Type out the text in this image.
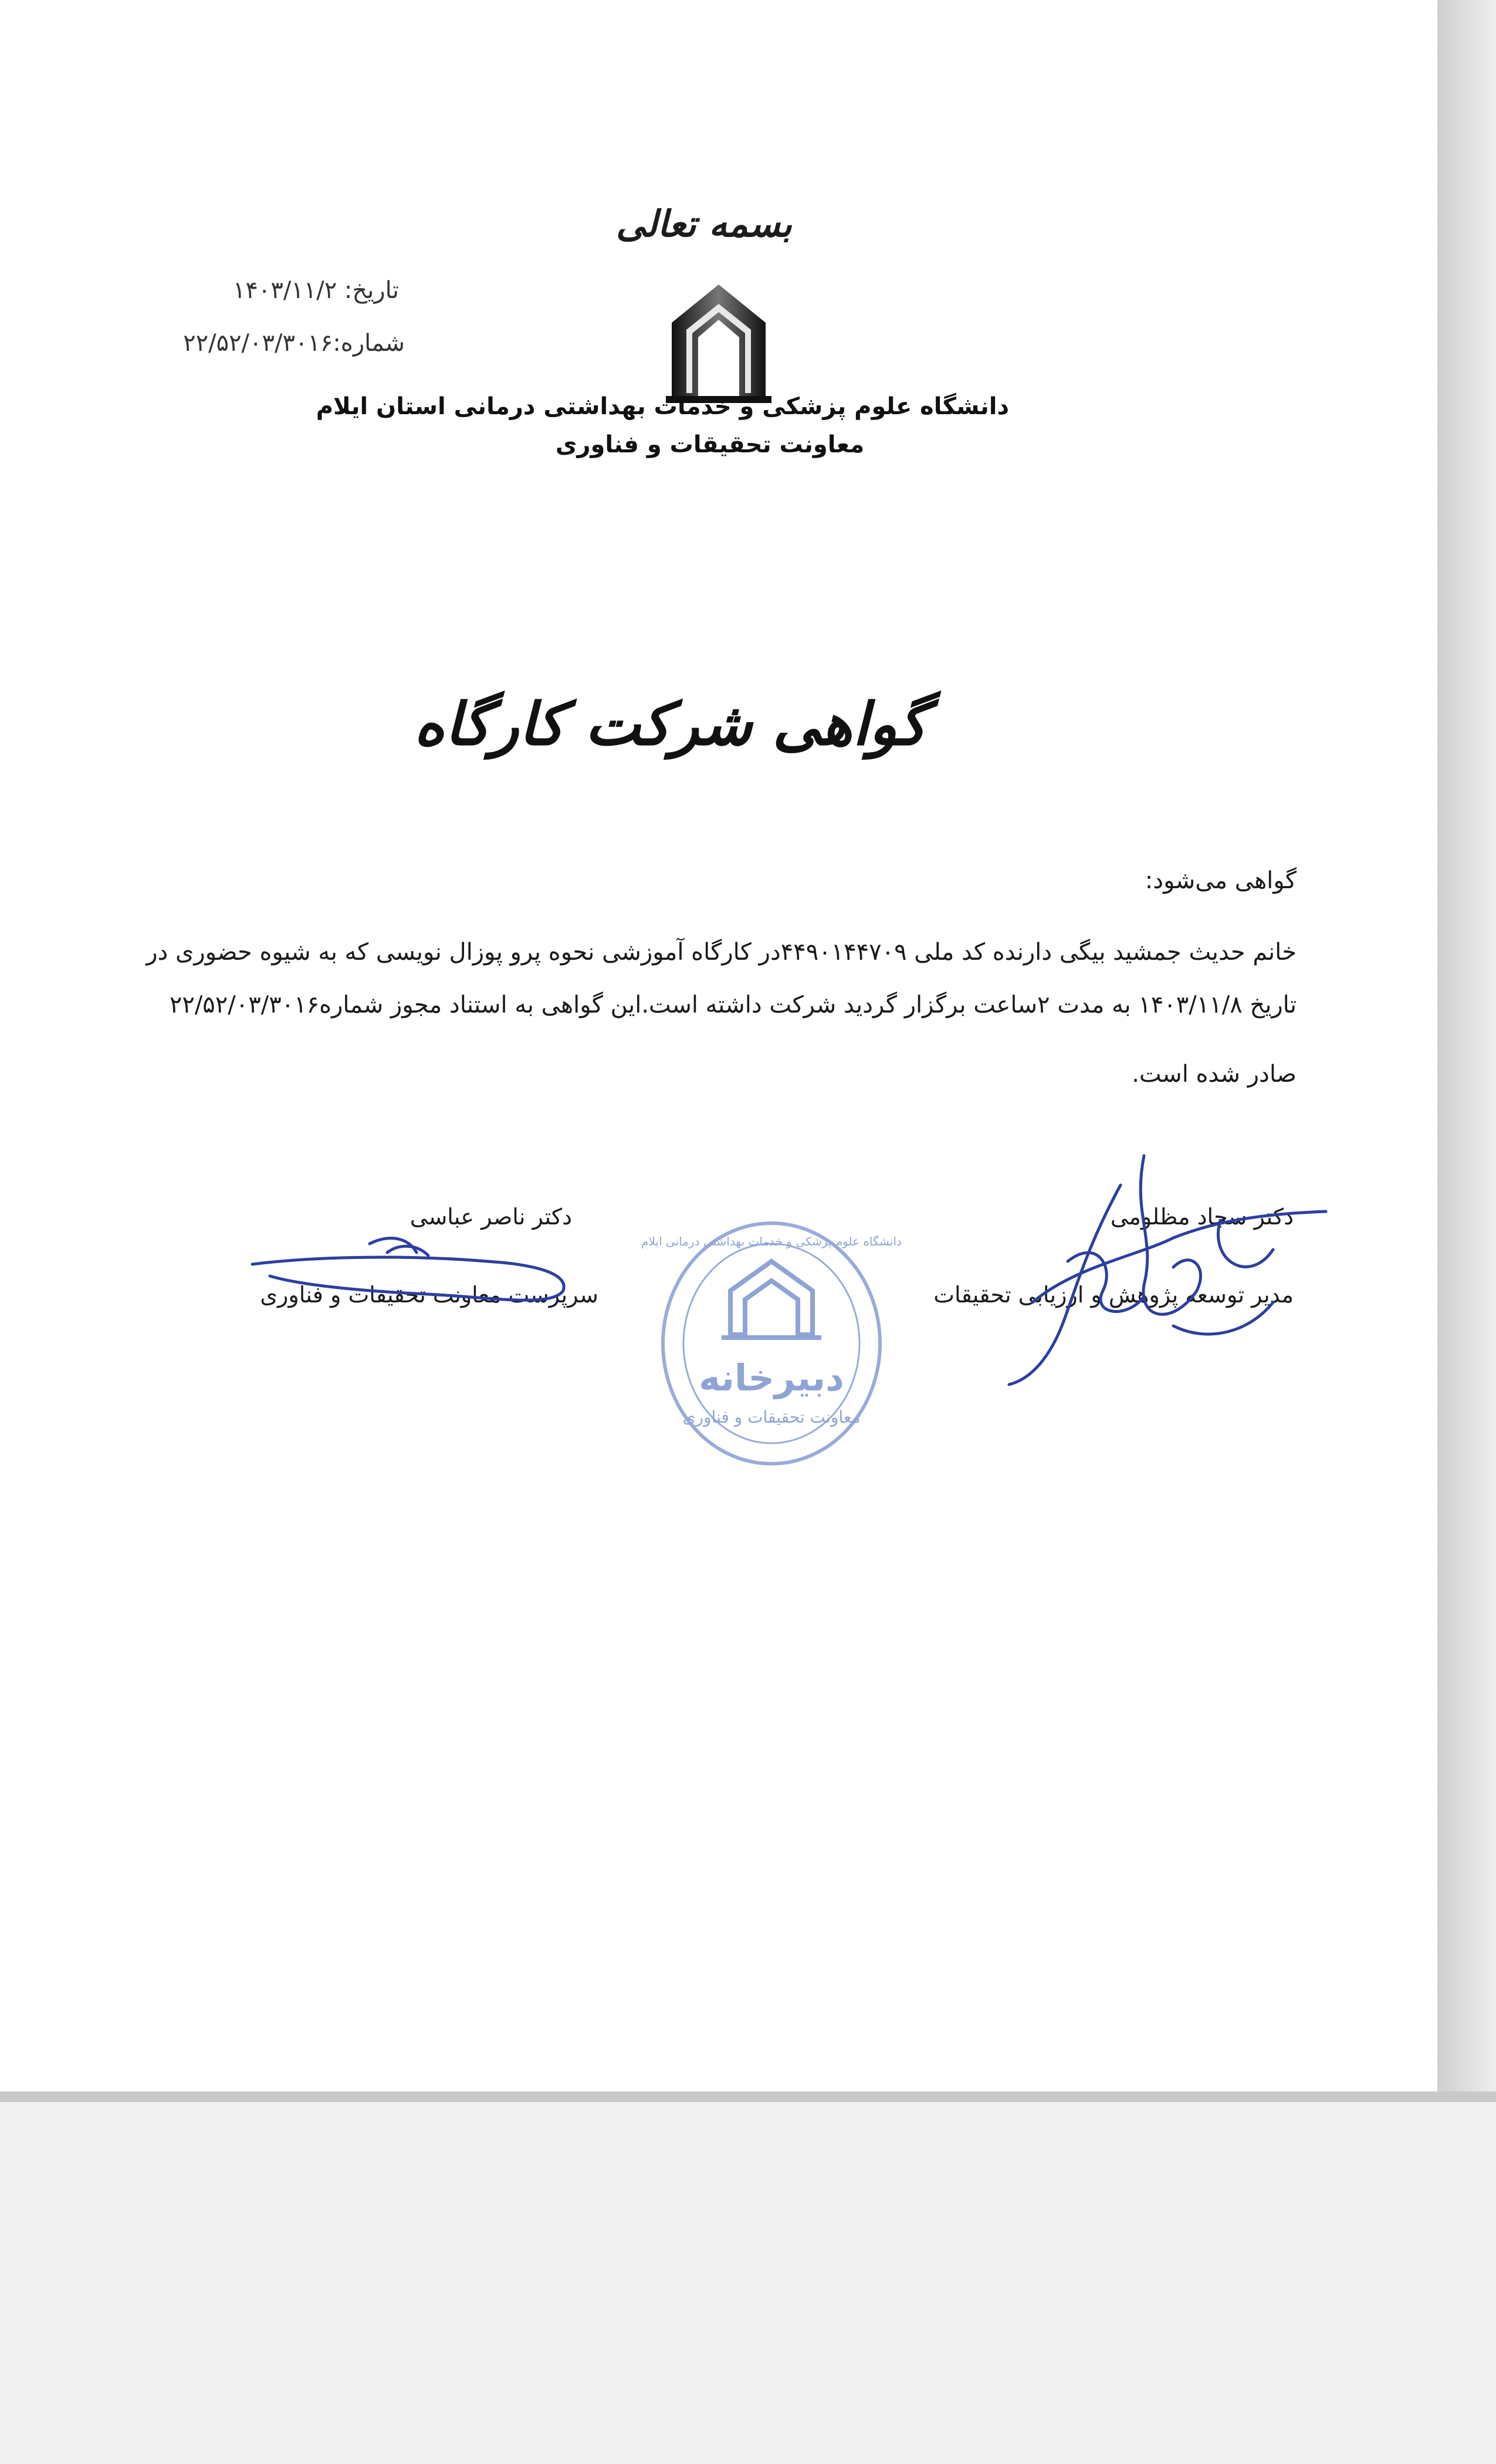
بسمه تعالی
تاریخ: ۱۴۰۳/۱۱/۲
شماره:۲۲/۵۲/۰۳/۳۰۱۶
دانشگاه علوم پزشکی و خدمات بهداشتی درمانی استان ایلام
معاونت تحقیقات و فناوری
گواهی شرکت کارگاه
گواهی می‌شود:
خانم حدیث جمشید بیگی دارنده کد ملی ۴۴۹۰۱۴۴۷۰۹در کارگاه آموزشی نحوه پرو پوزال نویسی که به شیوه حضوری در
تاریخ ۱۴۰۳/۱۱/۸ به مدت ۲ساعت برگزار گردید شرکت داشته است.این گواهی به استناد مجوز شماره۲۲/۵۲/۰۳/۳۰۱۶
صادر شده است.
دکتر سجاد مظلومی
مدیر توسعه پژوهش و ارزیابی تحقیقات
دکتر ناصر عباسی
سرپرست معاونت تحقیقات و فناوری
دبیرخانه
معاونت تحقیقات و فناوری
دانشگاه علوم پزشکی و خدمات بهداشتی درمانی ایلام
